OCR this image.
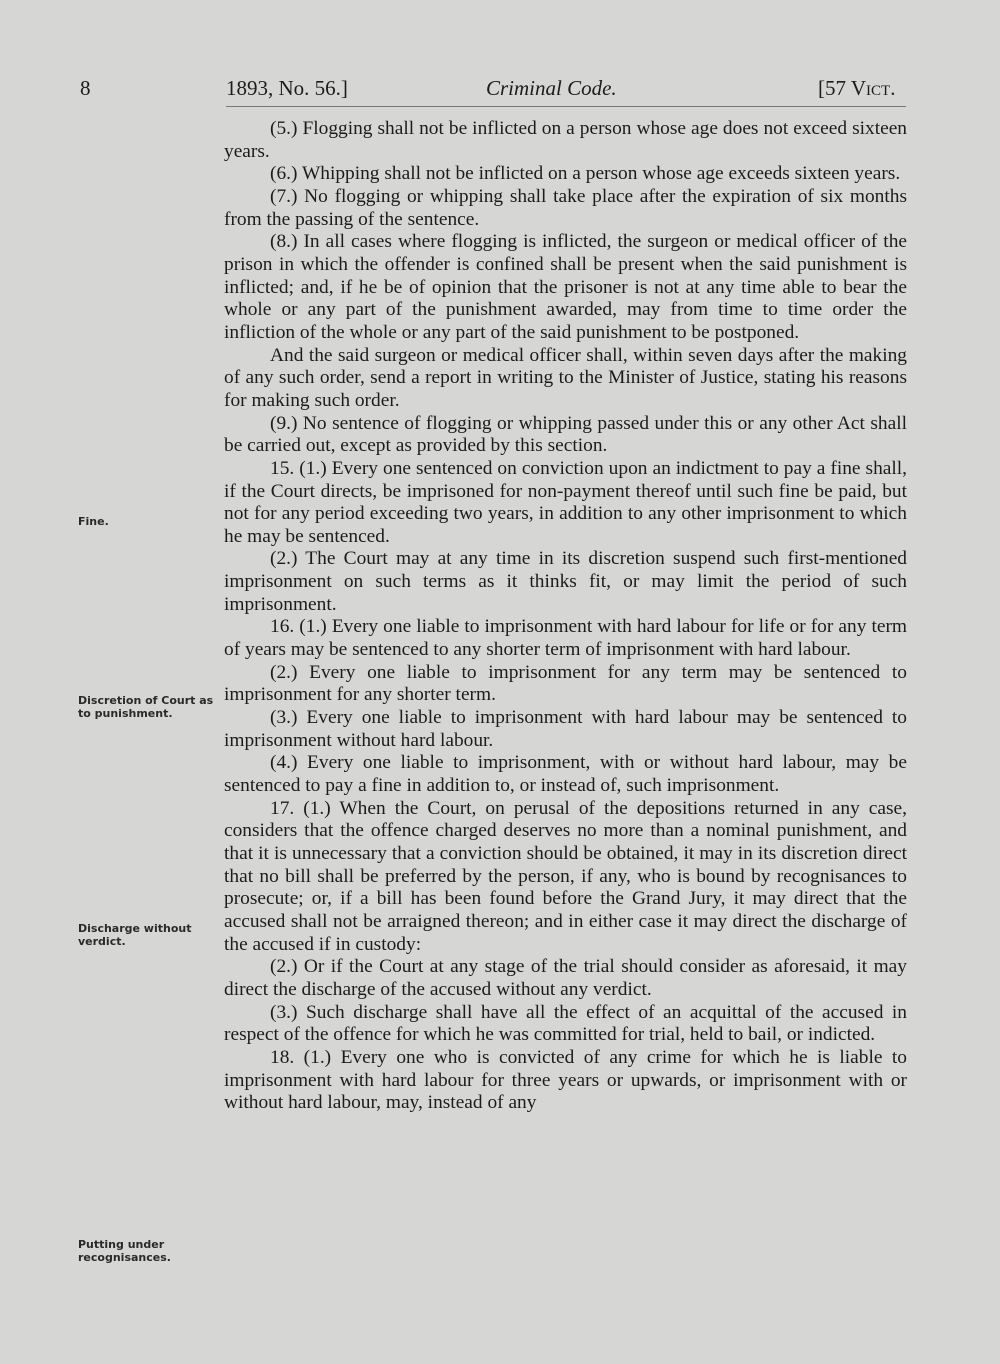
8	1893, No. 56.]	Criminal Code.	[57 Vict.
Fine.
Discretion of Court as to punishment.
Discharge without verdict.
Putting under recognisances.

(5.) Flogging shall not be inflicted on a person whose age does not exceed sixteen years.

(6.) Whipping shall not be inflicted on a person whose age exceeds sixteen years.

(7.) No flogging or whipping shall take place after the expiration of six months from the passing of the sentence.

(8.) In all cases where flogging is inflicted, the surgeon or medical officer of the prison in which the offender is confined shall be present when the said punishment is inflicted; and, if he be of opinion that the prisoner is not at any time able to bear the whole or any part of the punishment awarded, may from time to time order the infliction of the whole or any part of the said punishment to be postponed.

And the said surgeon or medical officer shall, within seven days after the making of any such order, send a report in writing to the Minister of Justice, stating his reasons for making such order.

(9.) No sentence of flogging or whipping passed under this or any other Act shall be carried out, except as provided by this section.

15. (1.) Every one sentenced on conviction upon an indictment to pay a fine shall, if the Court directs, be imprisoned for non-payment thereof until such fine be paid, but not for any period exceeding two years, in addition to any other imprisonment to which he may be sentenced.

(2.) The Court may at any time in its discretion suspend such first-mentioned imprisonment on such terms as it thinks fit, or may limit the period of such imprisonment.

16. (1.) Every one liable to imprisonment with hard labour for life or for any term of years may be sentenced to any shorter term of imprisonment with hard labour.

(2.) Every one liable to imprisonment for any term may be sentenced to imprisonment for any shorter term.

(3.) Every one liable to imprisonment with hard labour may be sentenced to imprisonment without hard labour.

(4.) Every one liable to imprisonment, with or without hard labour, may be sentenced to pay a fine in addition to, or instead of, such imprisonment.

17. (1.) When the Court, on perusal of the depositions returned in any case, considers that the offence charged deserves no more than a nominal punishment, and that it is unnecessary that a conviction should be obtained, it may in its discretion direct that no bill shall be preferred by the person, if any, who is bound by recognisances to prosecute; or, if a bill has been found before the Grand Jury, it may direct that the accused shall not be arraigned thereon; and in either case it may direct the discharge of the accused if in custody:

(2.) Or if the Court at any stage of the trial should consider as aforesaid, it may direct the discharge of the accused without any verdict.

(3.) Such discharge shall have all the effect of an acquittal of the accused in respect of the offence for which he was committed for trial, held to bail, or indicted.

18. (1.) Every one who is convicted of any crime for which he is liable to imprisonment with hard labour for three years or upwards, or imprisonment with or without hard labour, may, instead of any
